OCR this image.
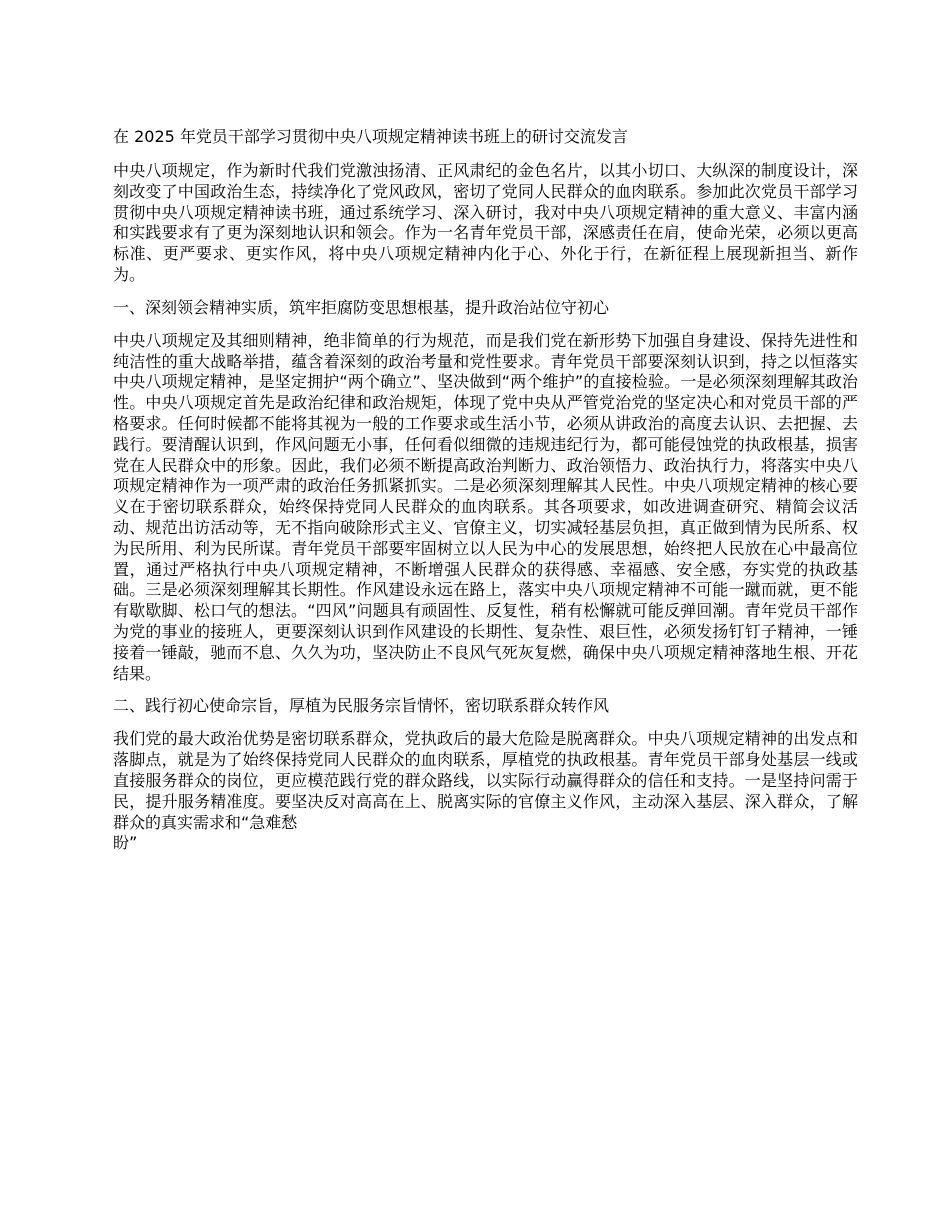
在 2025 年党员干部学习贯彻中央八项规定精神读书班上的研讨交流发言

中央八项规定，作为新时代我们党激浊扬清、正风肃纪的金色名片，以其小切口、大纵深的制度设计，深刻改变了中国政治生态，持续净化了党风政风，密切了党同人民群众的血肉联系。参加此次党员干部学习贯彻中央八项规定精神读书班，通过系统学习、深入研讨，我对中央八项规定精神的重大意义、丰富内涵和实践要求有了更为深刻地认识和领会。作为一名青年党员干部，深感责任在肩，使命光荣，必须以更高标准、更严要求、更实作风，将中央八项规定精神内化于心、外化于行，在新征程上展现新担当、新作为。

一、深刻领会精神实质，筑牢拒腐防变思想根基，提升政治站位守初心

中央八项规定及其细则精神，绝非简单的行为规范，而是我们党在新形势下加强自身建设、保持先进性和纯洁性的重大战略举措，蕴含着深刻的政治考量和党性要求。青年党员干部要深刻认识到，持之以恒落实中央八项规定精神，是坚定拥护“两个确立”、坚决做到“两个维护”的直接检验。一是必须深刻理解其政治性。中央八项规定首先是政治纪律和政治规矩，体现了党中央从严管党治党的坚定决心和对党员干部的严格要求。任何时候都不能将其视为一般的工作要求或生活小节，必须从讲政治的高度去认识、去把握、去践行。要清醒认识到，作风问题无小事，任何看似细微的违规违纪行为，都可能侵蚀党的执政根基，损害党在人民群众中的形象。因此，我们必须不断提高政治判断力、政治领悟力、政治执行力，将落实中央八项规定精神作为一项严肃的政治任务抓紧抓实。二是必须深刻理解其人民性。中央八项规定精神的核心要义在于密切联系群众，始终保持党同人民群众的血肉联系。其各项要求，如改进调查研究、精简会议活动、规范出访活动等，无不指向破除形式主义、官僚主义，切实减轻基层负担，真正做到情为民所系、权为民所用、利为民所谋。青年党员干部要牢固树立以人民为中心的发展思想，始终把人民放在心中最高位置，通过严格执行中央八项规定精神，不断增强人民群众的获得感、幸福感、安全感，夯实党的执政基础。三是必须深刻理解其长期性。作风建设永远在路上，落实中央八项规定精神不可能一蹴而就，更不能有歇歇脚、松口气的想法。“四风”问题具有顽固性、反复性，稍有松懈就可能反弹回潮。青年党员干部作为党的事业的接班人，更要深刻认识到作风建设的长期性、复杂性、艰巨性，必须发扬钉钉子精神，一锤接着一锤敲，驰而不息、久久为功，坚决防止不良风气死灰复燃，确保中央八项规定精神落地生根、开花结果。

二、践行初心使命宗旨，厚植为民服务宗旨情怀，密切联系群众转作风

我们党的最大政治优势是密切联系群众，党执政后的最大危险是脱离群众。中央八项规定精神的出发点和落脚点，就是为了始终保持党同人民群众的血肉联系，厚植党的执政根基。青年党员干部身处基层一线或直接服务群众的岗位，更应模范践行党的群众路线，以实际行动赢得群众的信任和支持。一是坚持问需于民，提升服务精准度。要坚决反对高高在上、脱离实际的官僚主义作风，主动深入基层、深入群众，了解群众的真实需求和“急难愁

盼”
